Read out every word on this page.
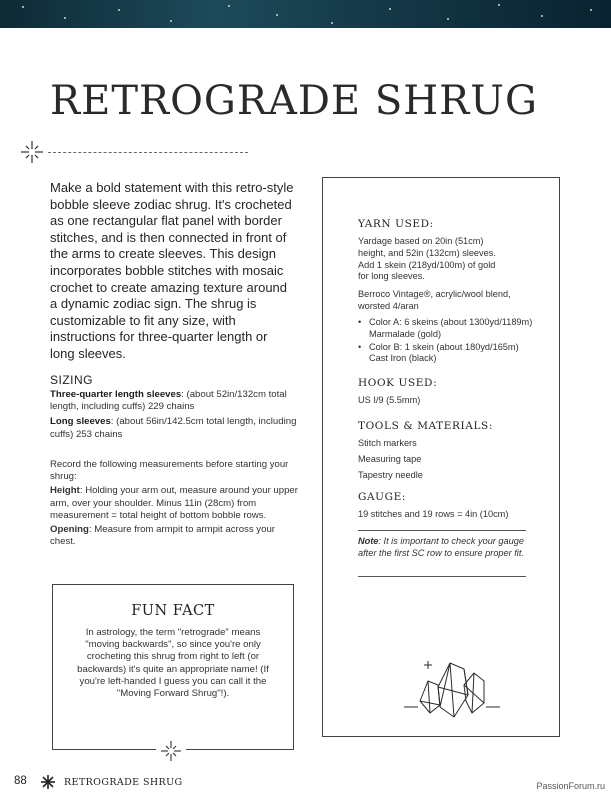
RETROGRADE SHRUG

Make a bold statement with this retro-style bobble sleeve zodiac shrug. It's crocheted as one rectangular flat panel with border stitches, and is then connected in front of the arms to create sleeves. This design incorporates bobble stitches with mosaic crochet to create amazing texture around a dynamic zodiac sign. The shrug is customizable to fit any size, with instructions for three-quarter length or long sleeves.

SIZING

Three-quarter length sleeves: (about 52in/132cm total length, including cuffs) 229 chains

Long sleeves: (about 56in/142.5cm total length, including cuffs) 253 chains

Record the following measurements before starting your shrug:

Height: Holding your arm out, measure around your upper arm, over your shoulder. Minus 11in (28cm) from measurement = total height of bottom bobble rows.

Opening: Measure from armpit to armpit across your chest.

FUN FACT

In astrology, the term "retrograde" means "moving backwards", so since you're only crocheting this shrug from right to left (or backwards) it's quite an appropriate name! (If you're left-handed I guess you can call it the "Moving Forward Shrug"!).

YARN USED:

Yardage based on 20in (51cm) height, and 52in (132cm) sleeves. Add 1 skein (218yd/100m) of gold for long sleeves.

Berroco Vintage®, acrylic/wool blend, worsted 4/aran

• Color A: 6 skeins (about 1300yd/1189m) Marmalade (gold)
• Color B: 1 skein (about 180yd/165m) Cast Iron (black)
HOOK USED:

US I/9 (5.5mm)

TOOLS & MATERIALS:

Stitch markers

Measuring tape

Tapestry needle

GAUGE:

19 stitches and 19 rows = 4in (10cm)

Note: It is important to check your gauge after the first SC row to ensure proper fit.

88	RETROGRADE SHRUG	PassionForum.ru
